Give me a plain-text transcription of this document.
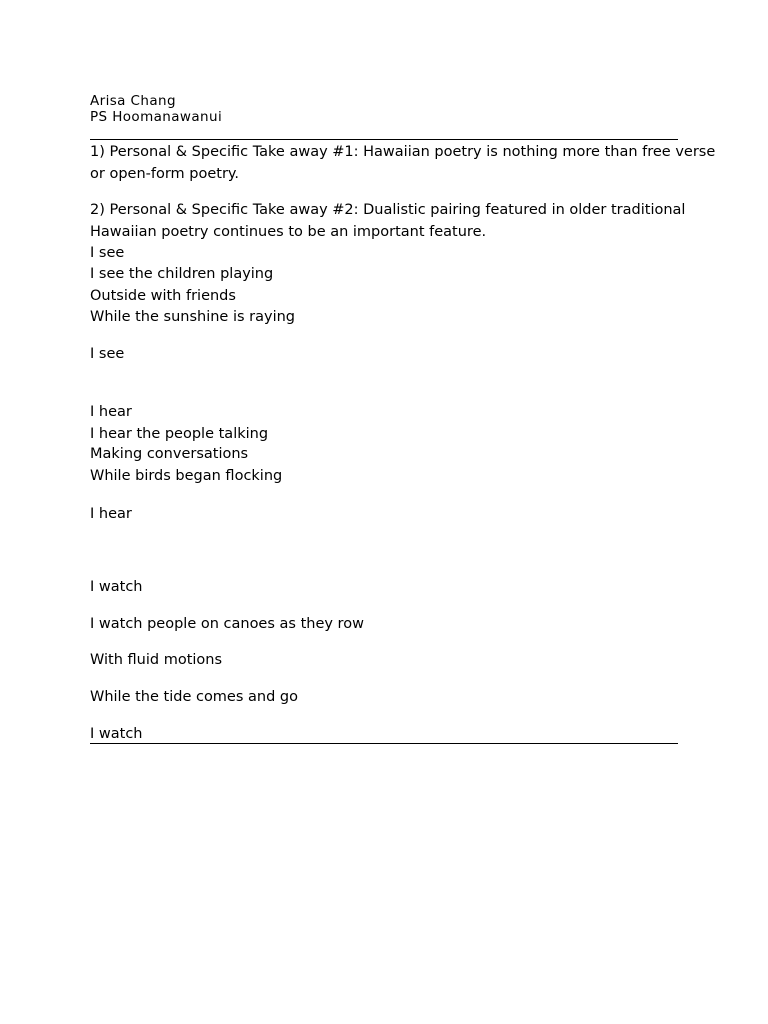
Arisa Chang
PS Hoomanawanui
1) Personal & Specific Take away #1: Hawaiian poetry is nothing more than free verse
or open-form poetry.
2) Personal & Specific Take away #2: Dualistic pairing featured in older traditional
Hawaiian poetry continues to be an important feature.
I see
I see the children playing
Outside with friends
While the sunshine is raying
I see
I hear
I hear the people talking
Making conversations
While birds began flocking
I hear
I watch
I watch people on canoes as they row
With fluid motions
While the tide comes and go
I watch
